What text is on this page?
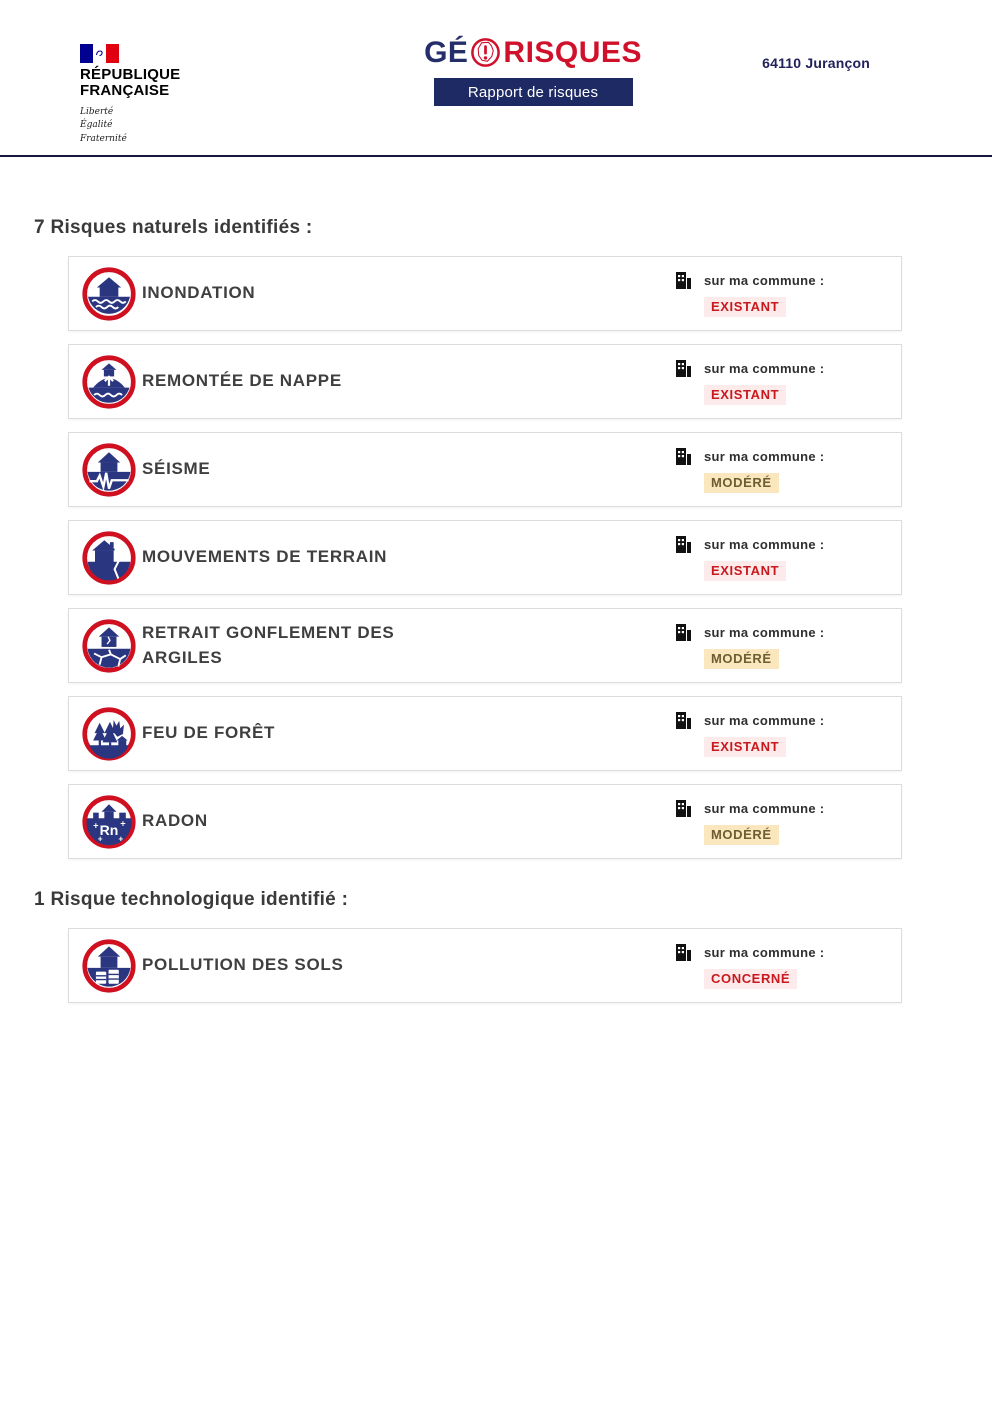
RÉPUBLIQUE
FRANÇAISE
Liberté
Égalité
Fraternité
GÉ RISQUES
Rapport de risques
64110 Jurançon
7 Risques naturels identifiés :
INONDATION
sur ma commune :
EXISTANT
REMONTÉE DE NAPPE
sur ma commune :
EXISTANT
SÉISME
sur ma commune :
MODÉRÉ
MOUVEMENTS DE TERRAIN
sur ma commune :
EXISTANT
RETRAIT GONFLEMENT DES ARGILES
sur ma commune :
MODÉRÉ
FEU DE FORÊT
sur ma commune :
EXISTANT
Rn
+ +
+ +
RADON
sur ma commune :
MODÉRÉ
1 Risque technologique identifié :
POLLUTION DES SOLS
sur ma commune :
CONCERNÉ
